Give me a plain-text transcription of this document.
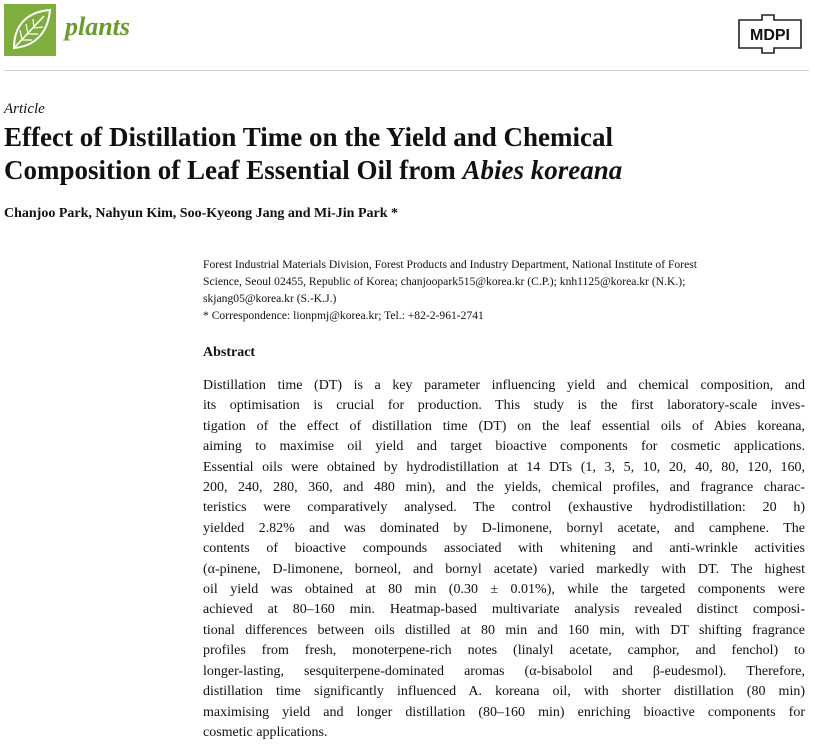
plants	MDPI
Article
Effect of Distillation Time on the Yield and Chemical
Composition of Leaf Essential Oil from Abies koreana
Chanjoo Park, Nahyun Kim, Soo-Kyeong Jang and Mi-Jin Park *
Forest Industrial Materials Division, Forest Products and Industry Department, National Institute of Forest
Science, Seoul 02455, Republic of Korea; chanjoopark515@korea.kr (C.P.); knh1125@korea.kr (N.K.);
skjang05@korea.kr (S.-K.J.)
* Correspondence: lionpmj@korea.kr; Tel.: +82-2-961-2741
Abstract
Distillation time (DT) is a key parameter influencing yield and chemical composition, and
its optimisation is crucial for production. This study is the first laboratory-scale inves-
tigation of the effect of distillation time (DT) on the leaf essential oils of Abies koreana,
aiming to maximise oil yield and target bioactive components for cosmetic applications.
Essential oils were obtained by hydrodistillation at 14 DTs (1, 3, 5, 10, 20, 40, 80, 120, 160,
200, 240, 280, 360, and 480 min), and the yields, chemical profiles, and fragrance charac-
teristics were comparatively analysed. The control (exhaustive hydrodistillation: 20 h)
yielded 2.82% and was dominated by D-limonene, bornyl acetate, and camphene. The
contents of bioactive compounds associated with whitening and anti-wrinkle activities
(α-pinene, D-limonene, borneol, and bornyl acetate) varied markedly with DT. The highest
oil yield was obtained at 80 min (0.30 ± 0.01%), while the targeted components were
achieved at 80–160 min. Heatmap-based multivariate analysis revealed distinct composi-
tional differences between oils distilled at 80 min and 160 min, with DT shifting fragrance
profiles from fresh, monoterpene-rich notes (linalyl acetate, camphor, and fenchol) to
longer-lasting, sesquiterpene-dominated aromas (α-bisabolol and β-eudesmol). Therefore,
distillation time significantly influenced A. koreana oil, with shorter distillation (80 min)
maximising yield and longer distillation (80–160 min) enriching bioactive components for
cosmetic applications.
